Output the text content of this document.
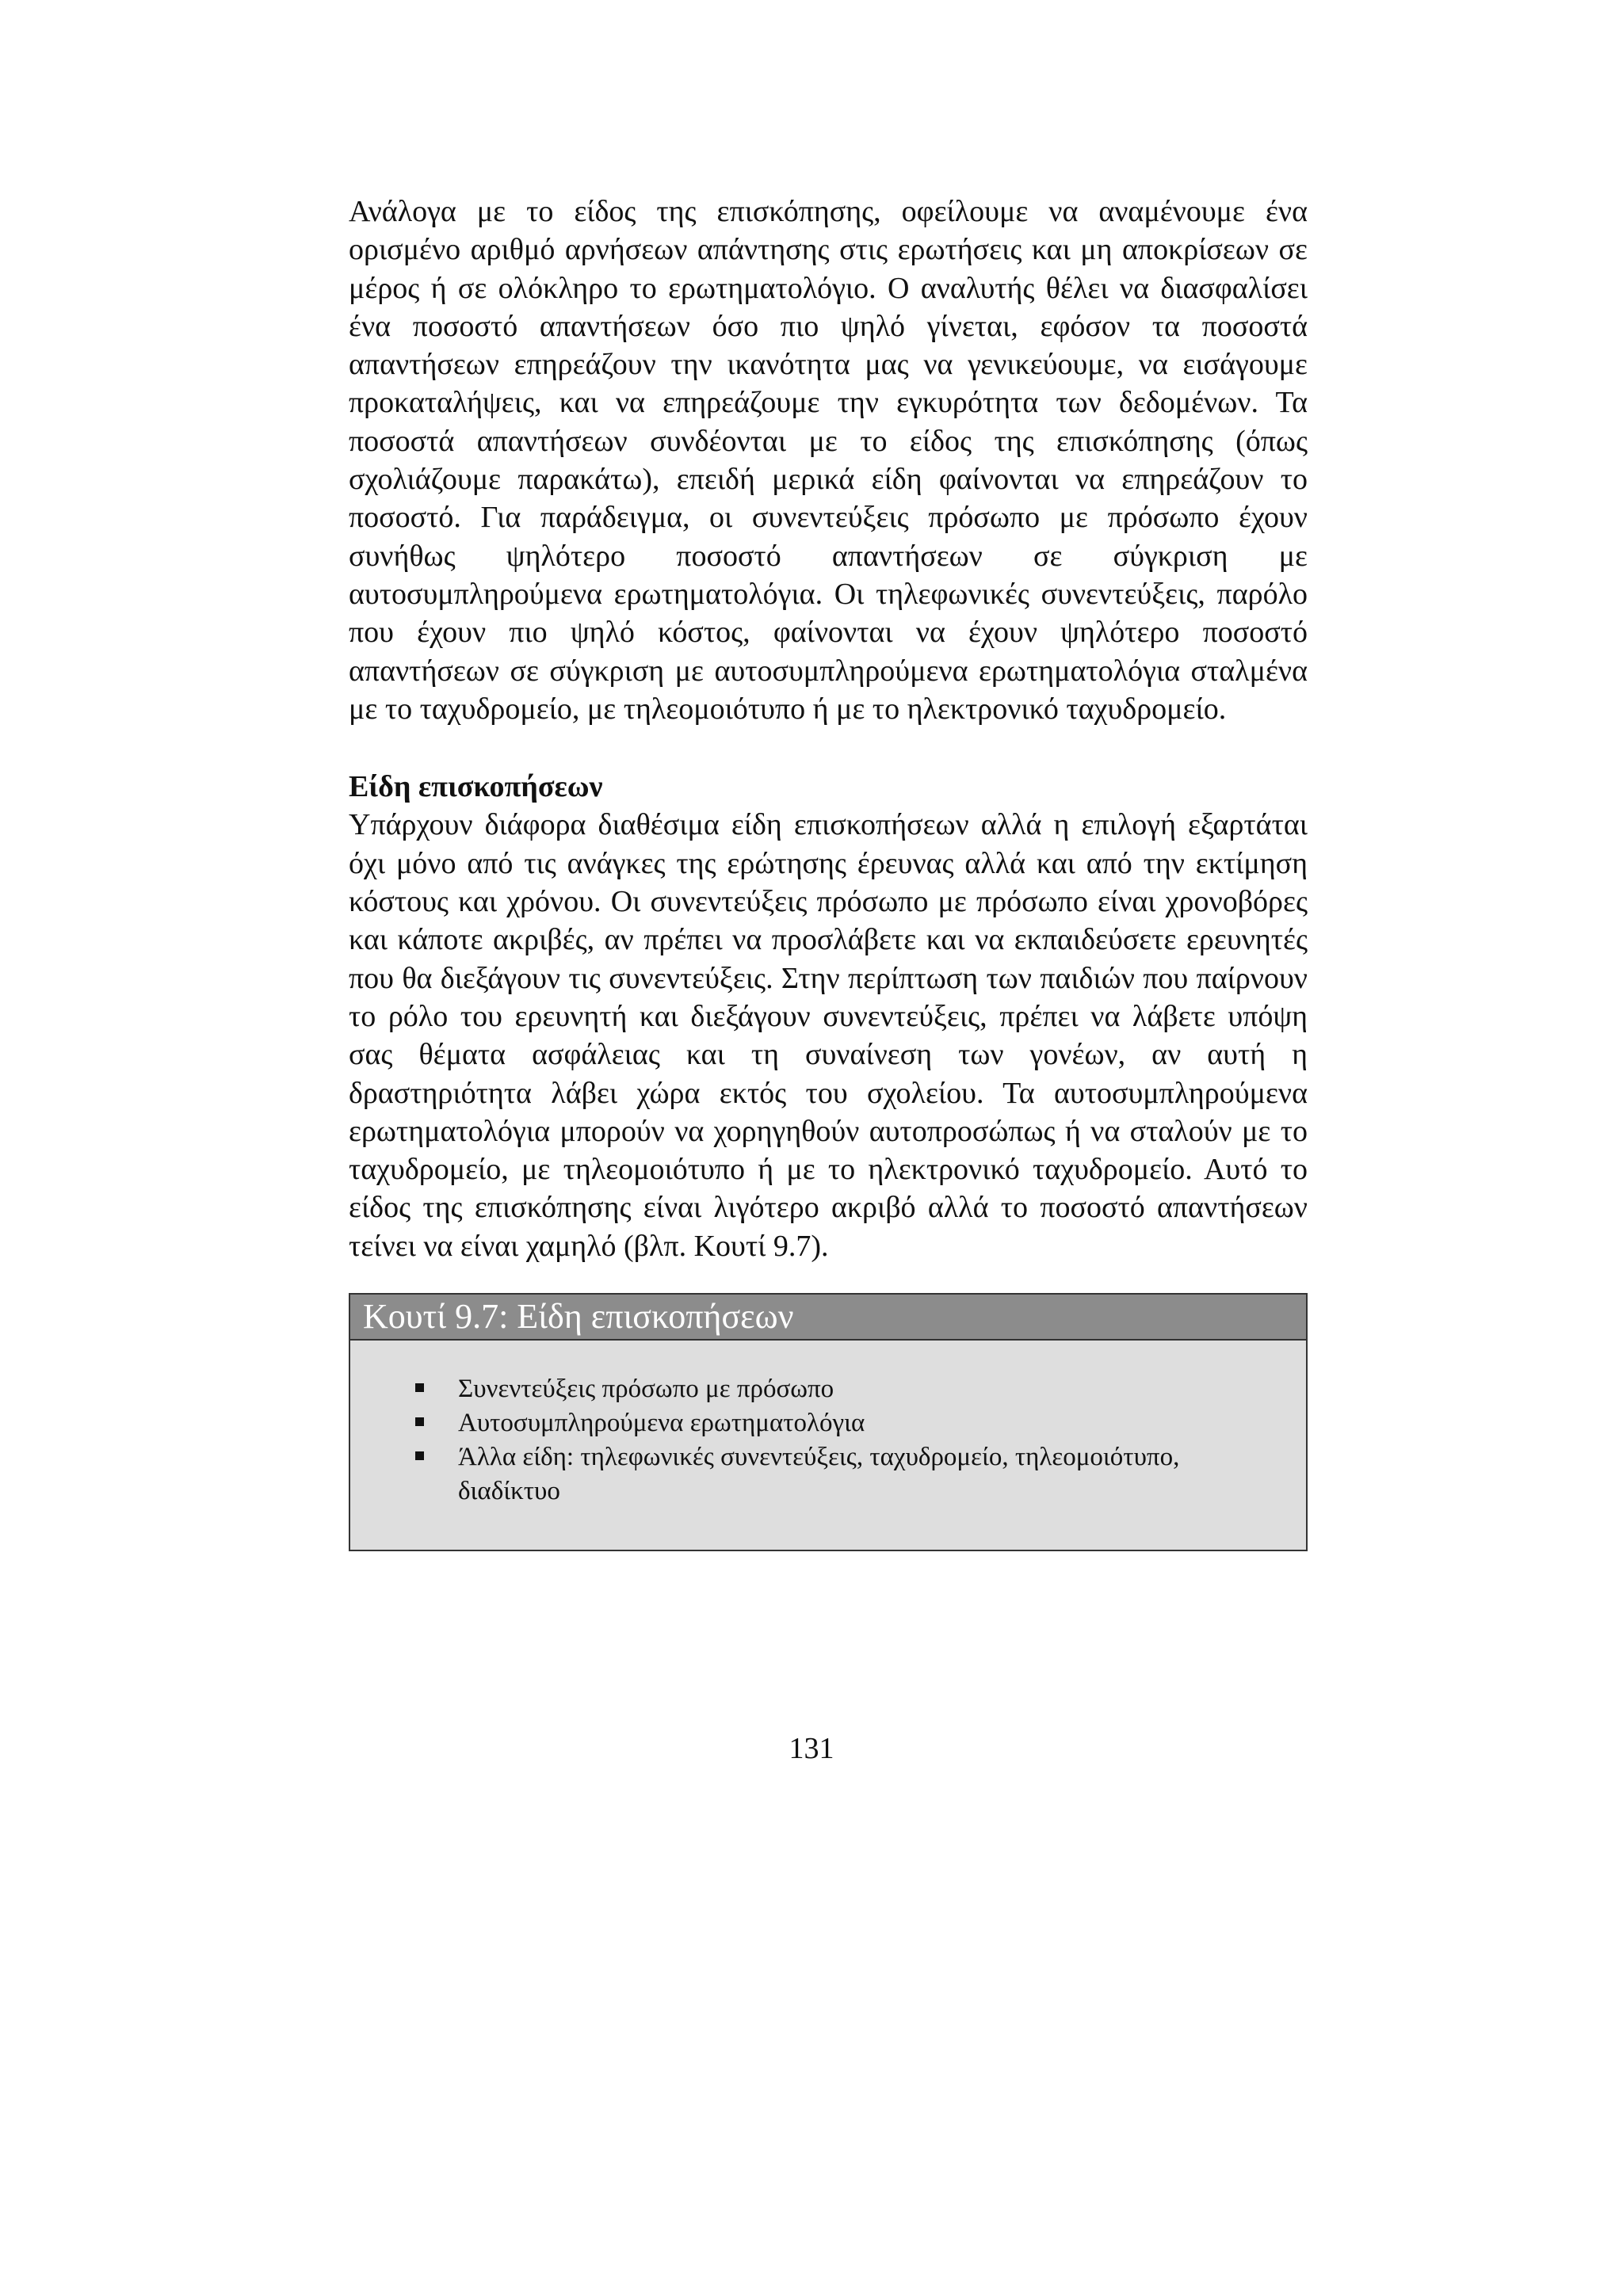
Ανάλογα με το είδος της επισκόπησης, οφείλουμε να αναμένουμε ένα ορισμένο αριθμό αρνήσεων απάντησης στις ερωτήσεις και μη αποκρίσεων σε μέρος ή σε ολόκληρο το ερωτηματολόγιο. Ο αναλυτής θέλει να διασφαλίσει ένα ποσοστό απαντήσεων όσο πιο ψηλό γίνεται, εφόσον τα ποσοστά απαντήσεων επηρεάζουν την ικανότητα μας να γενικεύουμε, να εισάγουμε προκαταλήψεις, και να επηρεάζουμε την εγκυρότητα των δεδομένων. Τα ποσοστά απαντήσεων συνδέονται με το είδος της επισκόπησης (όπως σχολιάζουμε παρακάτω), επειδή μερικά είδη φαίνονται να επηρεάζουν το ποσοστό. Για παράδειγμα, οι συνεντεύξεις πρόσωπο με πρόσωπο έχουν συνήθως ψηλότερο ποσοστό απαντήσεων σε σύγκριση με αυτοσυμπληρούμενα ερωτηματολόγια. Οι τηλεφωνικές συνεντεύξεις, παρόλο που έχουν πιο ψηλό κόστος, φαίνονται να έχουν ψηλότερο ποσοστό απαντήσεων σε σύγκριση με αυτοσυμπληρούμενα ερωτηματολόγια σταλμένα με το ταχυδρομείο, με τηλεομοιότυπο ή με το ηλεκτρονικό ταχυδρομείο.

Είδη επισκοπήσεων

Υπάρχουν διάφορα διαθέσιμα είδη επισκοπήσεων αλλά η επιλογή εξαρτάται όχι μόνο από τις ανάγκες της ερώτησης έρευνας αλλά και από την εκτίμηση κόστους και χρόνου. Οι συνεντεύξεις πρόσωπο με πρόσωπο είναι χρονοβόρες και κάποτε ακριβές, αν πρέπει να προσλάβετε και να εκπαιδεύσετε ερευνητές που θα διεξάγουν τις συνεντεύξεις. Στην περίπτωση των παιδιών που παίρνουν το ρόλο του ερευνητή και διεξάγουν συνεντεύξεις, πρέπει να λάβετε υπόψη σας θέματα ασφάλειας και τη συναίνεση των γονέων, αν αυτή η δραστηριότητα λάβει χώρα εκτός του σχολείου. Τα αυτοσυμπληρούμενα ερωτηματολόγια μπορούν να χορηγηθούν αυτοπροσώπως ή να σταλούν με το ταχυδρομείο, με τηλεομοιότυπο ή με το ηλεκτρονικό ταχυδρομείο. Αυτό το είδος της επισκόπησης είναι λιγότερο ακριβό αλλά το ποσοστό απαντήσεων τείνει να είναι χαμηλό (βλπ. Κουτί 9.7).

Κουτί 9.7: Είδη επισκοπήσεων
Συνεντεύξεις πρόσωπο με πρόσωπο
Αυτοσυμπληρούμενα ερωτηματολόγια
Άλλα είδη: τηλεφωνικές συνεντεύξεις, ταχυδρομείο, τηλεομοιότυπο, διαδίκτυο
131
